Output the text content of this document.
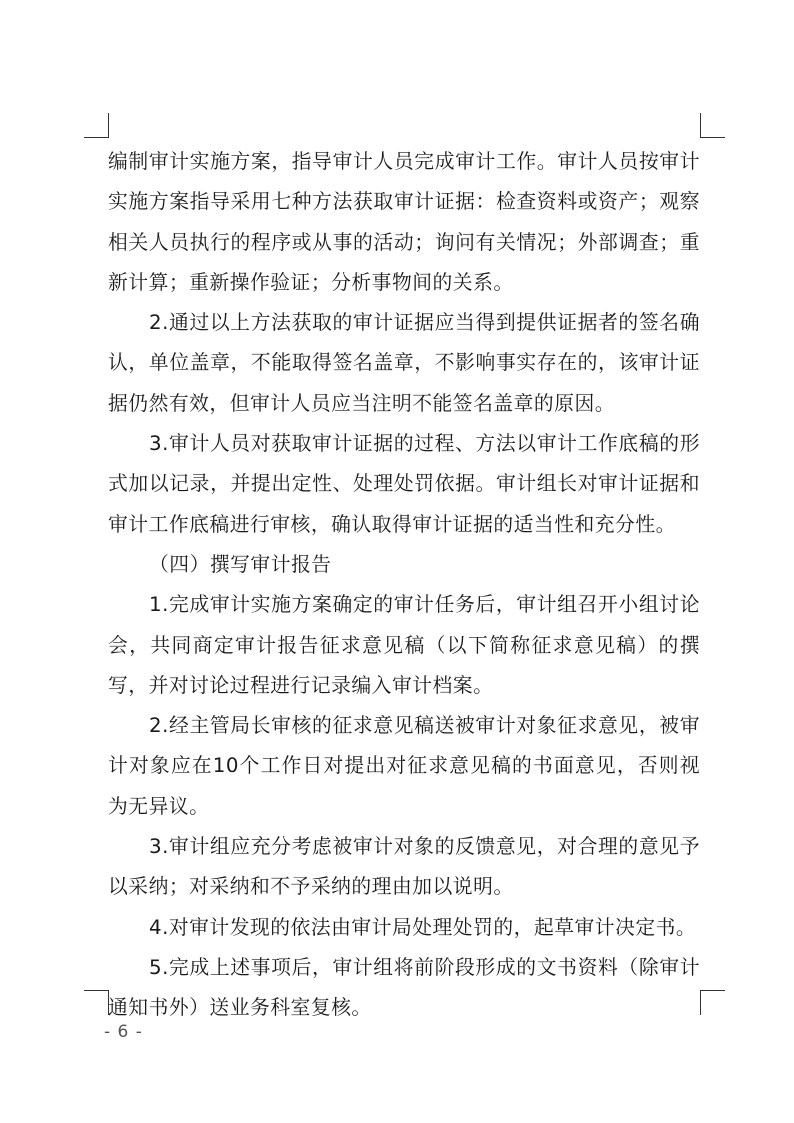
编制审计实施方案，指导审计人员完成审计工作。审计人员按审计实施方案指导采用七种方法获取审计证据：检查资料或资产；观察相关人员执行的程序或从事的活动；询问有关情况；外部调查；重新计算；重新操作验证；分析事物间的关系。

2.通过以上方法获取的审计证据应当得到提供证据者的签名确认，单位盖章，不能取得签名盖章，不影响事实存在的，该审计证据仍然有效，但审计人员应当注明不能签名盖章的原因。

3.审计人员对获取审计证据的过程、方法以审计工作底稿的形式加以记录，并提出定性、处理处罚依据。审计组长对审计证据和审计工作底稿进行审核，确认取得审计证据的适当性和充分性。

（四）撰写审计报告

1.完成审计实施方案确定的审计任务后，审计组召开小组讨论会，共同商定审计报告征求意见稿（以下简称征求意见稿）的撰写，并对讨论过程进行记录编入审计档案。

2.经主管局长审核的征求意见稿送被审计对象征求意见，被审计对象应在10个工作日对提出对征求意见稿的书面意见，否则视为无异议。

3.审计组应充分考虑被审计对象的反馈意见，对合理的意见予以采纳；对采纳和不予采纳的理由加以说明。

4.对审计发现的依法由审计局处理处罚的，起草审计决定书。

5.完成上述事项后，审计组将前阶段形成的文书资料（除审计通知书外）送业务科室复核。

- 6 -
